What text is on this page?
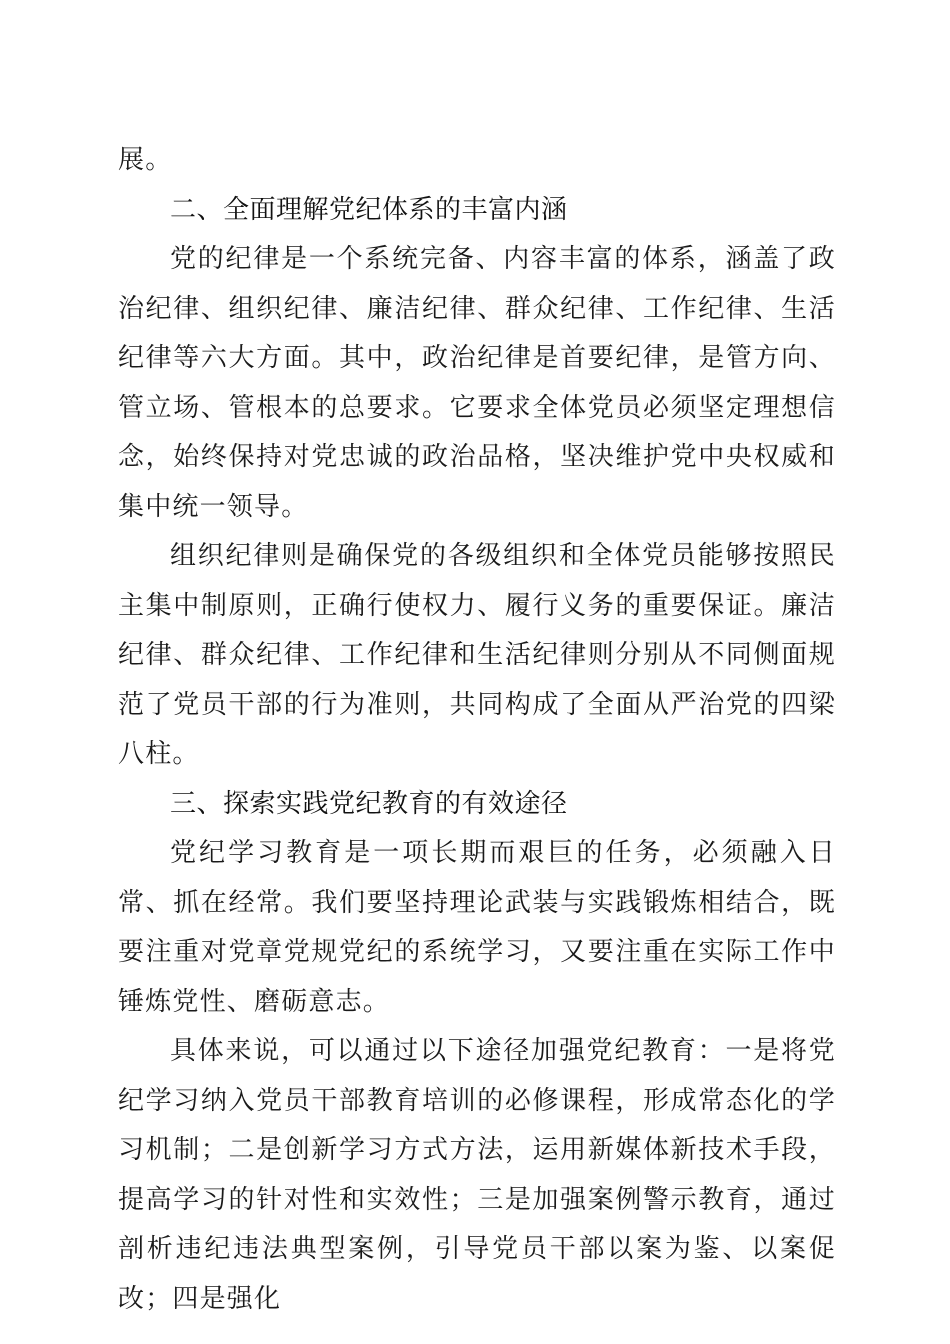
展。

二、全面理解党纪体系的丰富内涵

党的纪律是一个系统完备、内容丰富的体系，涵盖了政治纪律、组织纪律、廉洁纪律、群众纪律、工作纪律、生活纪律等六大方面。其中，政治纪律是首要纪律，是管方向、管立场、管根本的总要求。它要求全体党员必须坚定理想信念，始终保持对党忠诚的政治品格，坚决维护党中央权威和集中统一领导。

组织纪律则是确保党的各级组织和全体党员能够按照民主集中制原则，正确行使权力、履行义务的重要保证。廉洁纪律、群众纪律、工作纪律和生活纪律则分别从不同侧面规范了党员干部的行为准则，共同构成了全面从严治党的四梁八柱。

三、探索实践党纪教育的有效途径

党纪学习教育是一项长期而艰巨的任务，必须融入日常、抓在经常。我们要坚持理论武装与实践锻炼相结合，既要注重对党章党规党纪的系统学习，又要注重在实际工作中锤炼党性、磨砺意志。

具体来说，可以通过以下途径加强党纪教育：一是将党纪学习纳入党员干部教育培训的必修课程，形成常态化的学习机制；二是创新学习方式方法，运用新媒体新技术手段，提高学习的针对性和实效性；三是加强案例警示教育，通过剖析违纪违法典型案例，引导党员干部以案为鉴、以案促改；四是强化
